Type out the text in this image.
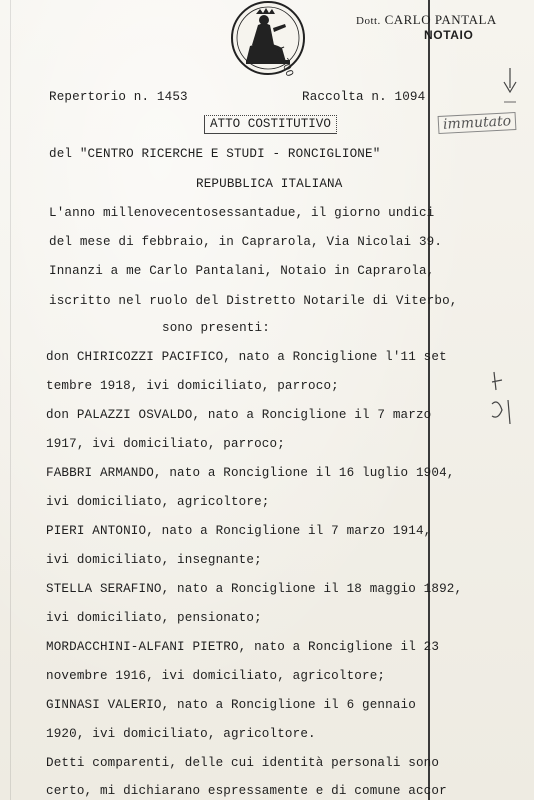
L. 300
Dott. CARLO PANTALA
NOTAIO
Repertorio n. 1453	Raccolta n. 1094
ATTO COSTITUTIVO	immutato
del "CENTRO RICERCHE E STUDI - RONCIGLIONE"
REPUBBLICA ITALIANA
L'anno millenovecentosessantadue, il giorno undici
del mese di febbraio, in Caprarola, Via Nicolai 39.
Innanzi a me Carlo Pantalani, Notaio in Caprarola,
iscritto nel ruolo del Distretto Notarile di Viterbo,
sono presenti:
don CHIRICOZZI PACIFICO, nato a Ronciglione l'11 set
tembre 1918, ivi domiciliato, parroco;
don PALAZZI OSVALDO, nato a Ronciglione il 7 marzo
1917, ivi domiciliato, parroco;
FABBRI ARMANDO, nato a Ronciglione il 16 luglio 1904,
ivi domiciliato, agricoltore;
PIERI ANTONIO, nato a Ronciglione il 7 marzo 1914,
ivi domiciliato, insegnante;
STELLA SERAFINO, nato a Ronciglione il 18 maggio 1892,
ivi domiciliato, pensionato;
MORDACCHINI-ALFANI PIETRO, nato a Ronciglione il 23
novembre 1916, ivi domiciliato, agricoltore;
GINNASI VALERIO, nato a Ronciglione il 6 gennaio
1920, ivi domiciliato, agricoltore.
Detti comparenti, delle cui identità personali sono
certo, mi dichiarano espressamente e di comune accor
